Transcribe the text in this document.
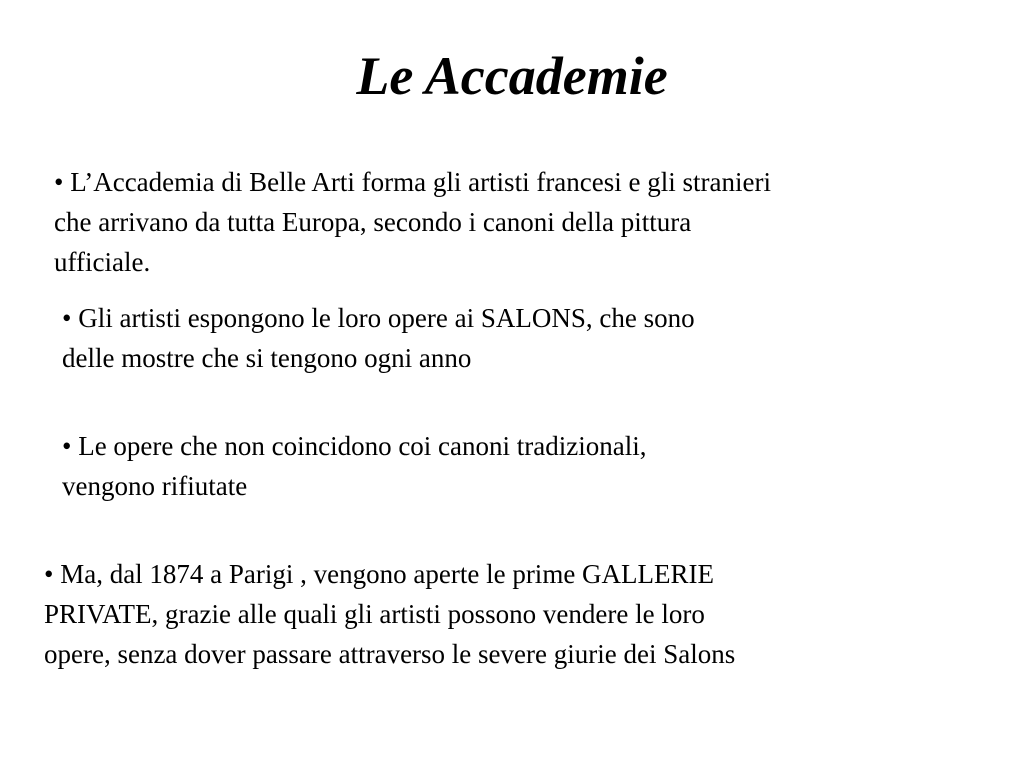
Le Accademie
• L’Accademia di Belle Arti forma gli artisti francesi e gli stranieri
che arrivano da tutta Europa, secondo i canoni della pittura
ufficiale.
• Gli artisti espongono le loro opere ai SALONS, che sono
delle mostre che si tengono ogni anno
• Le opere che non coincidono coi canoni tradizionali,
vengono rifiutate
• Ma, dal 1874 a Parigi , vengono aperte le prime GALLERIE
PRIVATE, grazie alle quali gli artisti possono vendere le loro
opere, senza dover passare attraverso le severe giurie dei Salons
